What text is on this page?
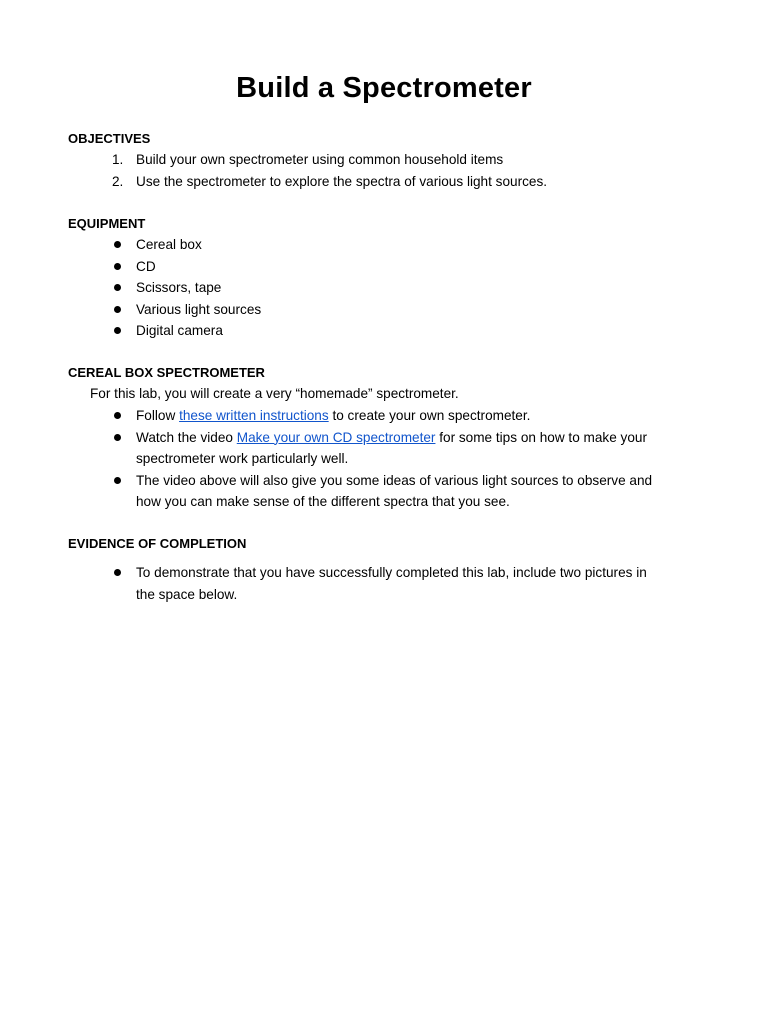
Build a Spectrometer
OBJECTIVES
1. Build your own spectrometer using common household items
2. Use the spectrometer to explore the spectra of various light sources.
EQUIPMENT
Cereal box
CD
Scissors, tape
Various light sources
Digital camera
CEREAL BOX SPECTROMETER
For this lab, you will create a very “homemade” spectrometer.
Follow these written instructions to create your own spectrometer.
Watch the video Make your own CD spectrometer for some tips on how to make your
spectrometer work particularly well.
The video above will also give you some ideas of various light sources to observe and
how you can make sense of the different spectra that you see.
EVIDENCE OF COMPLETION
To demonstrate that you have successfully completed this lab, include two pictures in
the space below.
